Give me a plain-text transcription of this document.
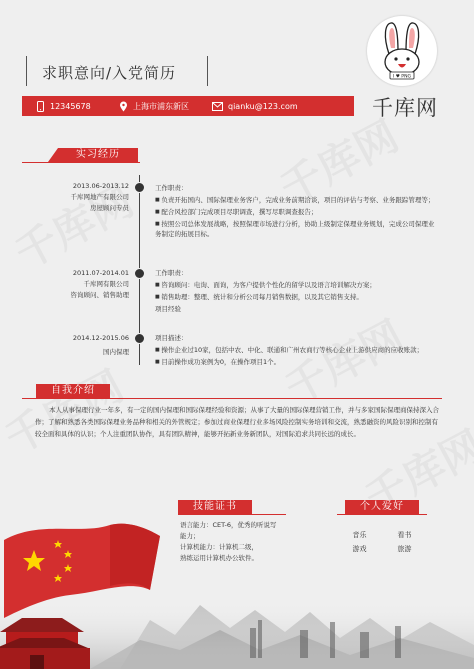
求职意向/入党简历	I ♥ PNG
千库网
12345678	上海市浦东新区	qianku@123.com
实习经历
2013.06-2013.12
千库网地产有限公司
房屋顾问专员
工作职责：
■ 负责开拓国内、国际保理业务客户，完成业务前期洽谈，项目的评估与考察、业务跟踪管理等；
■ 配合风控部门完成项目尽职调查，撰写尽职调查报告；
■ 按照公司总体发展战略，按照保理市场进行分析，协助上级制定保理业务规划，完成公司保理业务制定的拓展目标。
2011.07-2014.01
千库网有限公司
咨询顾问、销售助理
工作职责：
■ 咨询顾问：电询、面询，为客户提供个性化的留学以及语言培训解决方案；
■ 销售助理：整理、统计和分析公司每月销售数据，以及其它销售支持。
项目经验
2014.12-2015.06
国内保理
项目描述：
■ 操作企业过10家，包括中农、中化、联通和广州农商行等核心企业上游供应商的应收账款；
■ 目前操作成功案例为0，在操作项目1个。
自我介绍
本人从事保理行业一年多，有一定的国内保理和国际保理经验和资源；从事了大量的国际保理营销工作，并与多家国际保理商保持深入合作；了解和熟悉各类国际保理业务品种和相关的外管规定；参加过商业保理行业多场风险控制实务培训和交流，熟悉融资的风险识别和控制有较全面和具体的认识；个人注重团队协作，具有团队精神，能够开拓新业务新团队，对国际追求共同长远的成长。
技能证书
语言能力：CET-6，优秀的听说写能力；
计算机能力：计算机二级，
熟练运用计算机办公软件。
个人爱好
音乐	看书
游戏	旅游
